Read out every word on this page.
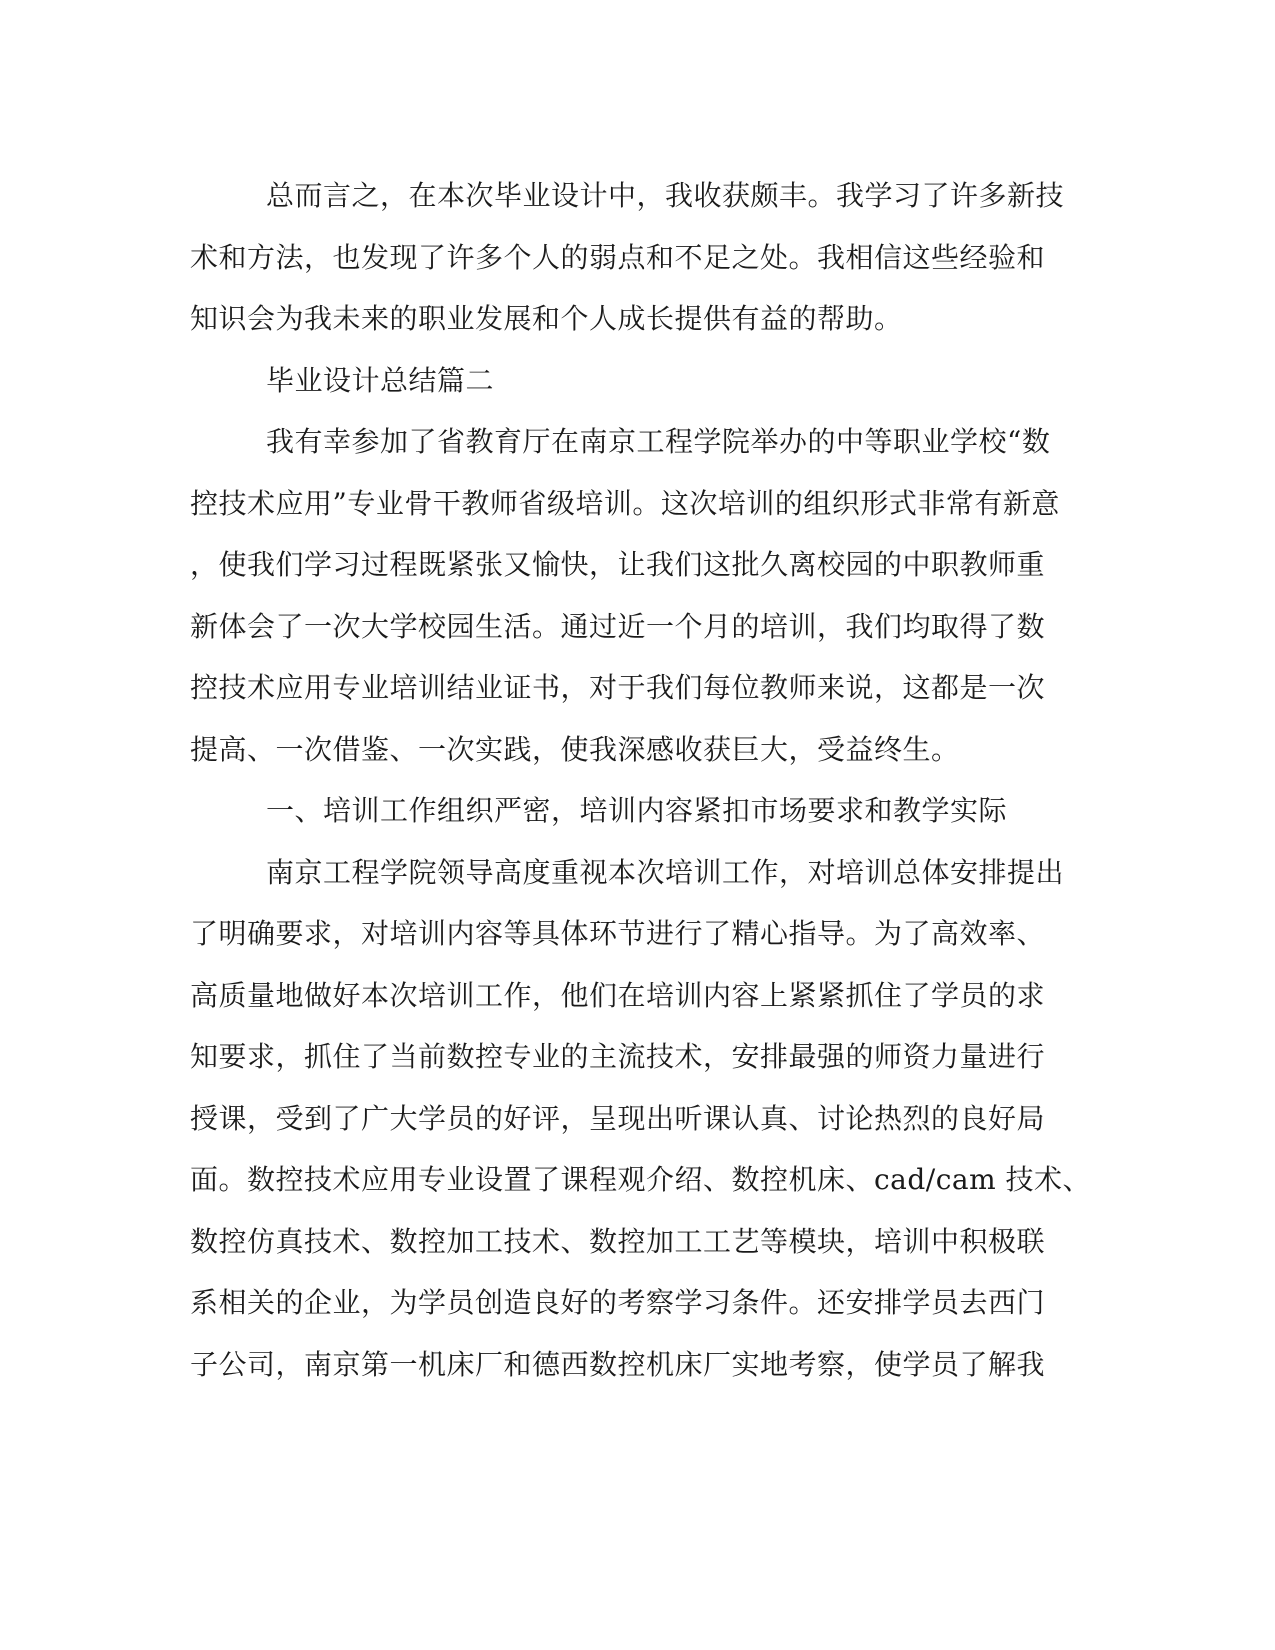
总而言之，在本次毕业设计中，我收获颇丰。我学习了许多新技
术和方法，也发现了许多个人的弱点和不足之处。我相信这些经验和
知识会为我未来的职业发展和个人成长提供有益的帮助。
毕业设计总结篇二
我有幸参加了省教育厅在南京工程学院举办的中等职业学校“数
控技术应用”专业骨干教师省级培训。这次培训的组织形式非常有新意
，使我们学习过程既紧张又愉快，让我们这批久离校园的中职教师重
新体会了一次大学校园生活。通过近一个月的培训，我们均取得了数
控技术应用专业培训结业证书，对于我们每位教师来说，这都是一次
提高、一次借鉴、一次实践，使我深感收获巨大，受益终生。
一、培训工作组织严密，培训内容紧扣市场要求和教学实际
南京工程学院领导高度重视本次培训工作，对培训总体安排提出
了明确要求，对培训内容等具体环节进行了精心指导。为了高效率、
高质量地做好本次培训工作，他们在培训内容上紧紧抓住了学员的求
知要求，抓住了当前数控专业的主流技术，安排最强的师资力量进行
授课，受到了广大学员的好评，呈现出听课认真、讨论热烈的良好局
面。数控技术应用专业设置了课程观介绍、数控机床、cad/cam 技术、
数控仿真技术、数控加工技术、数控加工工艺等模块，培训中积极联
系相关的企业，为学员创造良好的考察学习条件。还安排学员去西门
子公司，南京第一机床厂和德西数控机床厂实地考察，使学员了解我
